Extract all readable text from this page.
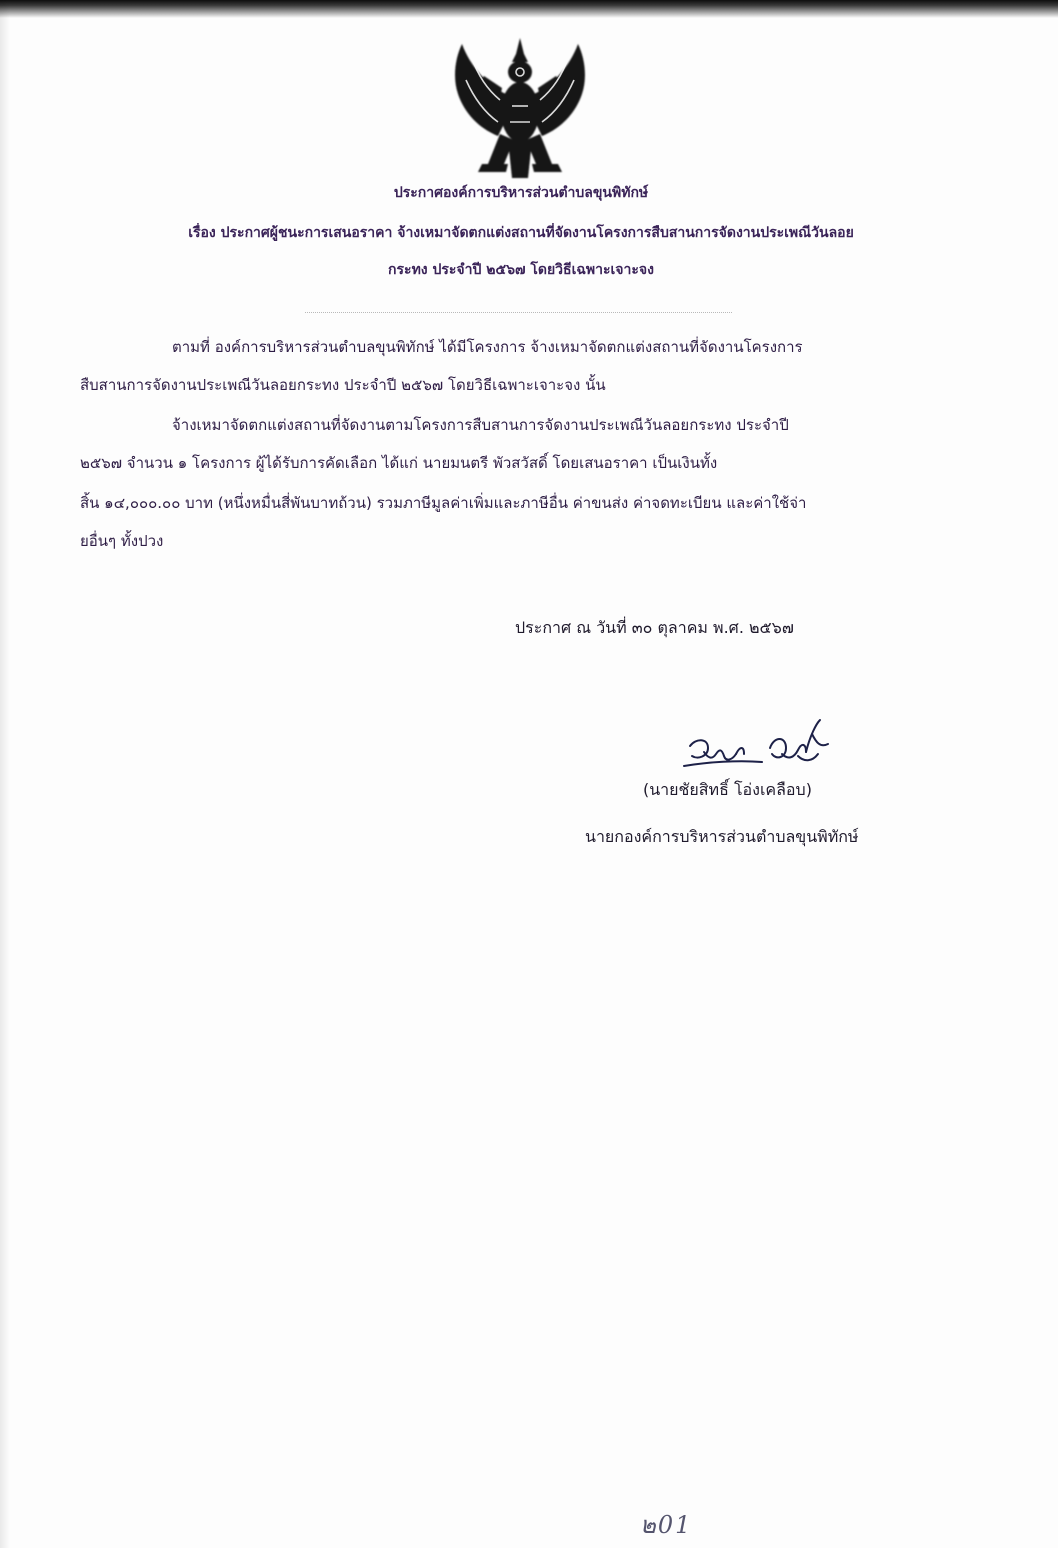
ประกาศองค์การบริหารส่วนตำบลขุนพิทักษ์
เรื่อง ประกาศผู้ชนะการเสนอราคา จ้างเหมาจัดตกแต่งสถานที่จัดงานโครงการสืบสานการจัดงานประเพณีวันลอย
กระทง ประจำปี ๒๕๖๗ โดยวิธีเฉพาะเจาะจง
ตามที่ องค์การบริหารส่วนตำบลขุนพิทักษ์ ได้มีโครงการ จ้างเหมาจัดตกแต่งสถานที่จัดงานโครงการ
สืบสานการจัดงานประเพณีวันลอยกระทง ประจำปี ๒๕๖๗ โดยวิธีเฉพาะเจาะจง นั้น
จ้างเหมาจัดตกแต่งสถานที่จัดงานตามโครงการสืบสานการจัดงานประเพณีวันลอยกระทง ประจำปี
๒๕๖๗ จำนวน ๑ โครงการ ผู้ได้รับการคัดเลือก ได้แก่ นายมนตรี พัวสวัสดิ์ โดยเสนอราคา เป็นเงินทั้ง
สิ้น ๑๔,๐๐๐.๐๐ บาท (หนึ่งหมื่นสี่พันบาทถ้วน) รวมภาษีมูลค่าเพิ่มและภาษีอื่น ค่าขนส่ง ค่าจดทะเบียน และค่าใช้จ่า
ยอื่นๆ ทั้งปวง
ประกาศ ณ วันที่ ๓๐ ตุลาคม พ.ศ. ๒๕๖๗
(นายชัยสิทธิ์ โอ่งเคลือบ)
นายกองค์การบริหารส่วนตำบลขุนพิทักษ์
๒01
